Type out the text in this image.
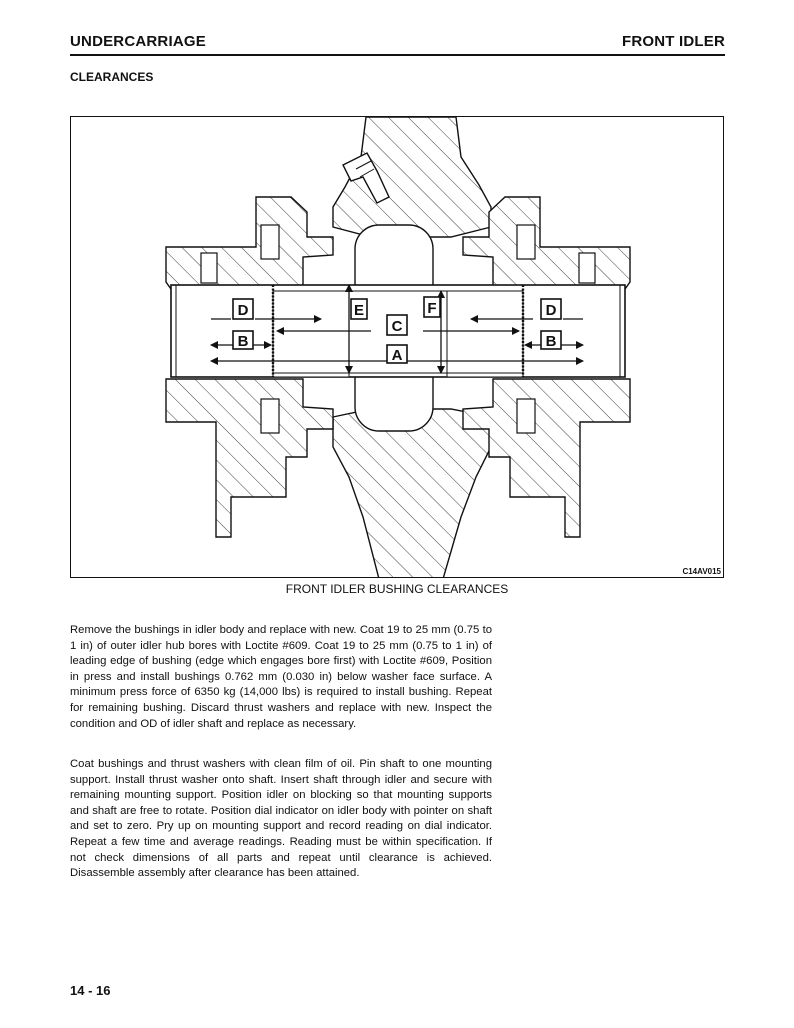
UNDERCARRIAGE	FRONT IDLER
CLEARANCES
D
B
E
C
F
A
D
B
C14AV015
FRONT IDLER BUSHING CLEARANCES

Remove the bushings in idler body and replace with new. Coat 19 to 25 mm (0.75 to 1 in) of outer idler hub bores with Loctite #609. Coat 19 to 25 mm (0.75 to 1 in) of leading edge of bushing (edge which engages bore first) with Loctite #609, Position in press and install bushings 0.762 mm (0.030 in) below washer face surface. A minimum press force of 6350 kg (14,000 lbs) is required to install bushing. Repeat for remaining bushing. Discard thrust washers and replace with new. Inspect the condition and OD of idler shaft and replace as necessary.

Coat bushings and thrust washers with clean film of oil. Pin shaft to one mounting support. Install thrust washer onto shaft. Insert shaft through idler and secure with remaining mounting support. Position idler on blocking so that mounting supports and shaft are free to rotate. Position dial indicator on idler body with pointer on shaft and set to zero. Pry up on mounting support and record reading on dial indicator. Repeat a few time and average readings. Reading must be within specification. If not check dimensions of all parts and repeat until clearance is achieved. Disassemble assembly after clearance has been attained.

14 - 16
